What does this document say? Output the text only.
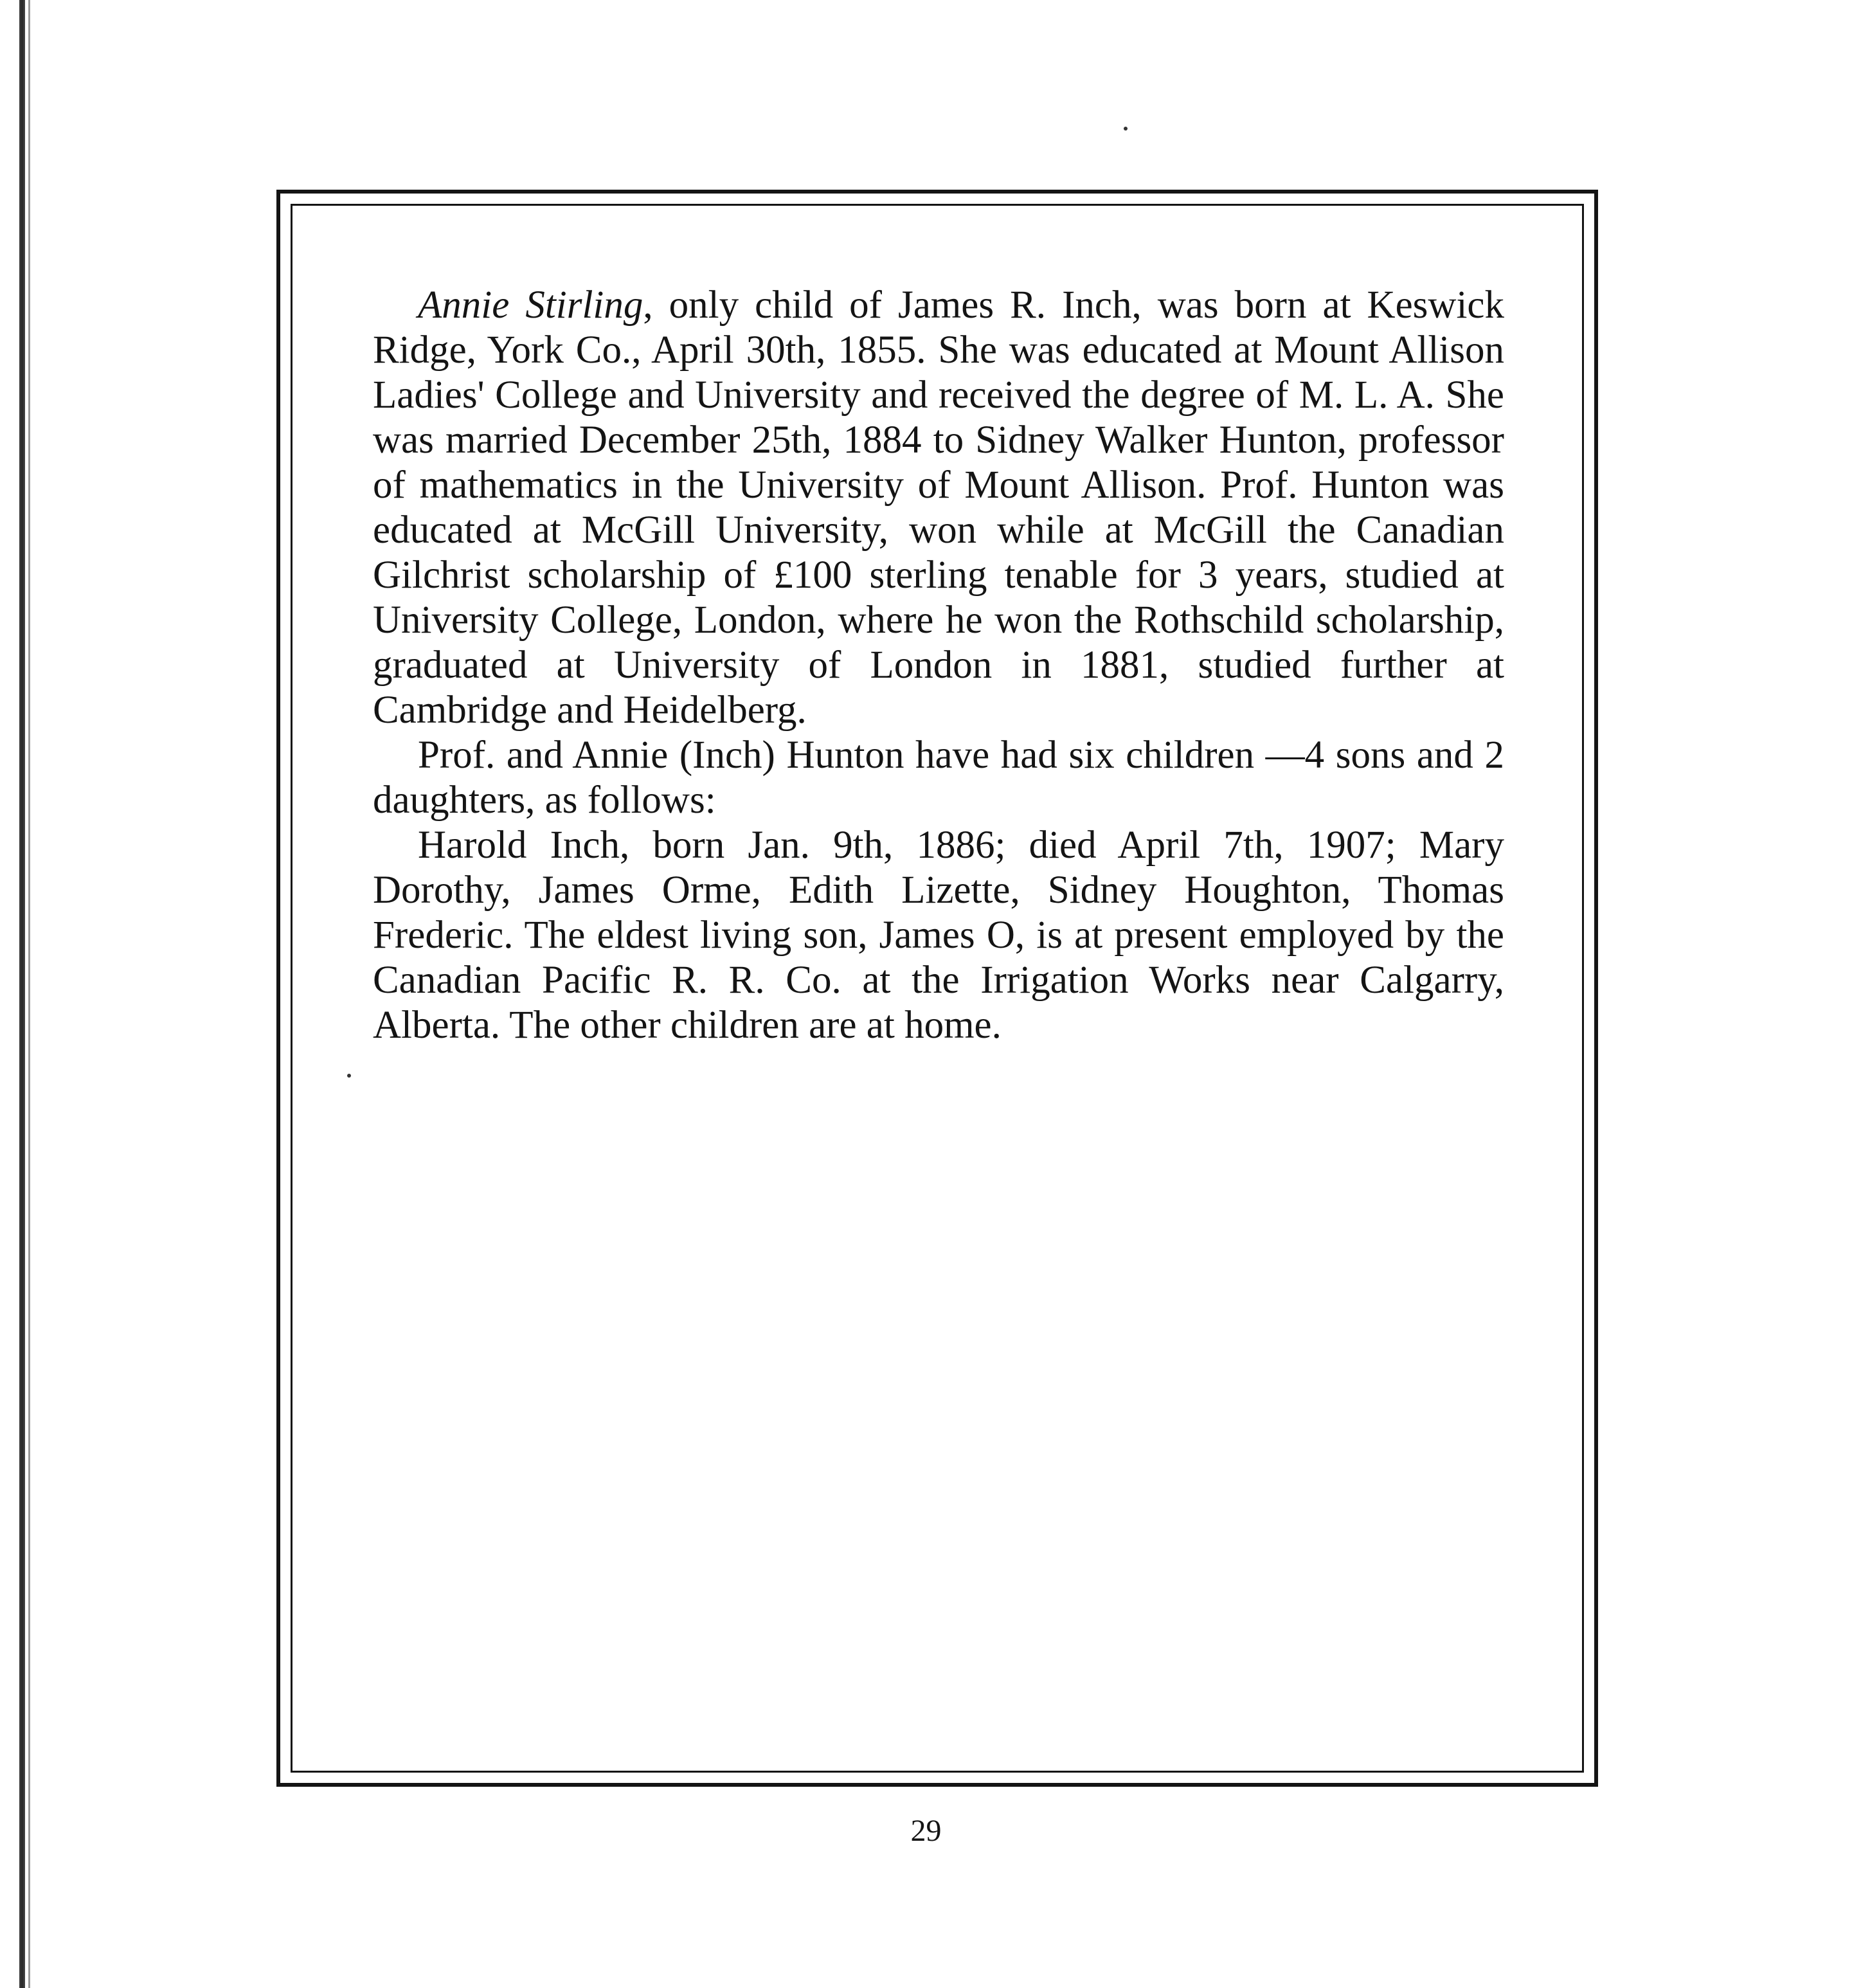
Annie Stirling, only child of James R. Inch, was born at Keswick Ridge, York Co., April 30th, 1855. She was educated at Mount Allison Ladies' College and University and received the degree of M. L. A. She was married December 25th, 1884 to Sidney Walker Hunton, professor of mathematics in the University of Mount Allison. Prof. Hunton was educated at McGill University, won while at McGill the Canadian Gilchrist scholarship of £100 sterling tenable for 3 years, studied at University College, London, where he won the Rothschild scholarship, graduated at University of London in 1881, studied further at Cambridge and Heidelberg.

Prof. and Annie (Inch) Hunton have had six children —4 sons and 2 daughters, as follows:

Harold Inch, born Jan. 9th, 1886; died April 7th, 1907; Mary Dorothy, James Orme, Edith Lizette, Sidney Houghton, Thomas Frederic. The eldest living son, James O, is at present employed by the Canadian Pacific R. R. Co. at the Irrigation Works near Calgarry, Alberta. The other children are at home.

29
